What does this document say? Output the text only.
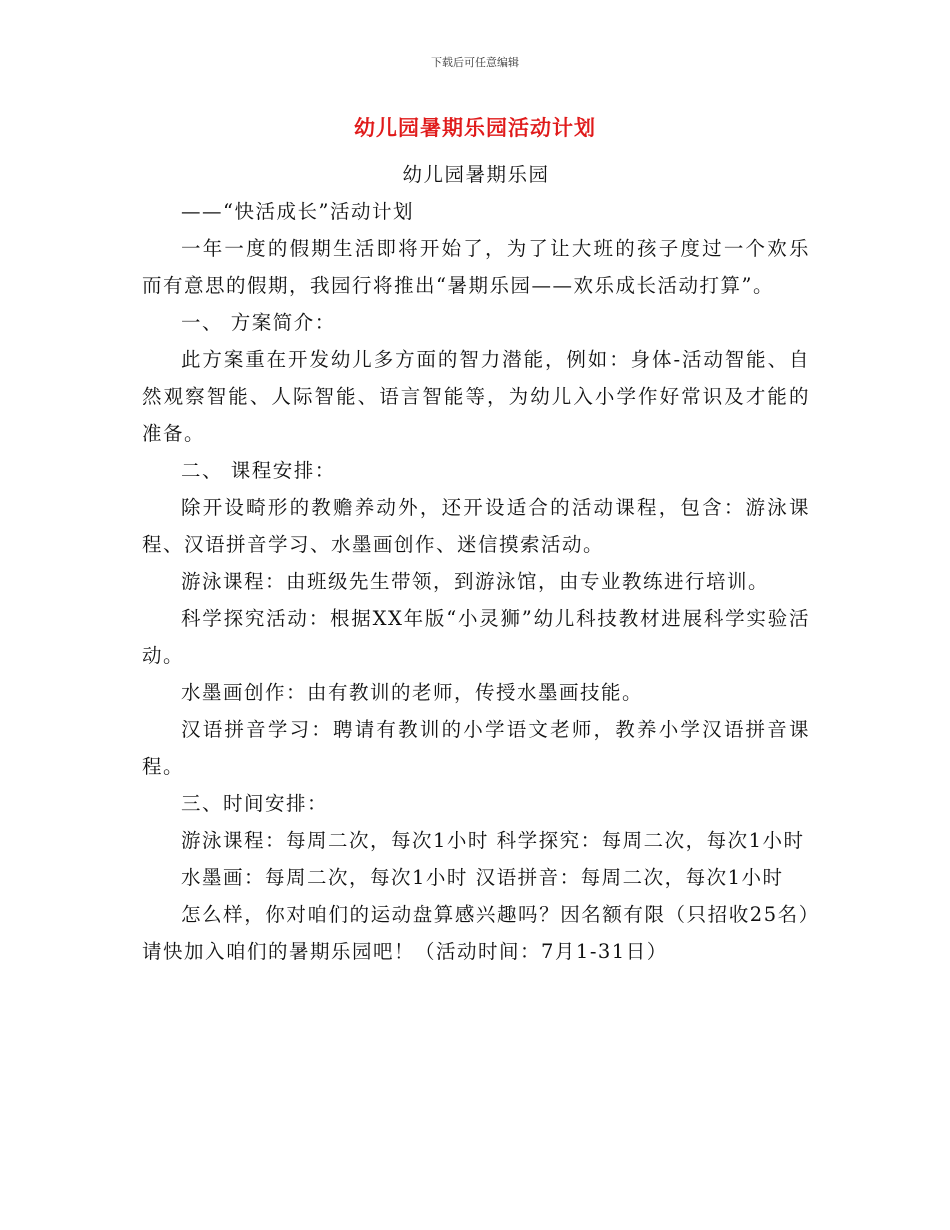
下载后可任意编辑
幼儿园暑期乐园活动计划

幼儿园暑期乐园

——“快活成长”活动计划

一年一度的假期生活即将开始了，为了让大班的孩子度过一个欢乐而有意思的假期，我园行将推出“暑期乐园——欢乐成长活动打算”。

一、 方案简介：

此方案重在开发幼儿多方面的智力潜能，例如：身体-活动智能、自然观察智能、人际智能、语言智能等，为幼儿入小学作好常识及才能的准备。

二、 课程安排：

除开设畸形的教赡养动外，还开设适合的活动课程，包含：游泳课程、汉语拼音学习、水墨画创作、迷信摸索活动。

游泳课程：由班级先生带领，到游泳馆，由专业教练进行培训。

科学探究活动：根据XX年版“小灵狮”幼儿科技教材进展科学实验活动。

水墨画创作：由有教训的老师，传授水墨画技能。

汉语拼音学习：聘请有教训的小学语文老师，教养小学汉语拼音课程。

三、时间安排：

游泳课程：每周二次，每次1小时 科学探究：每周二次，每次1小时

水墨画：每周二次，每次1小时 汉语拼音：每周二次，每次1小时

怎么样，你对咱们的运动盘算感兴趣吗？因名额有限（只招收25名）请快加入咱们的暑期乐园吧！（活动时间：7月1-31日）
